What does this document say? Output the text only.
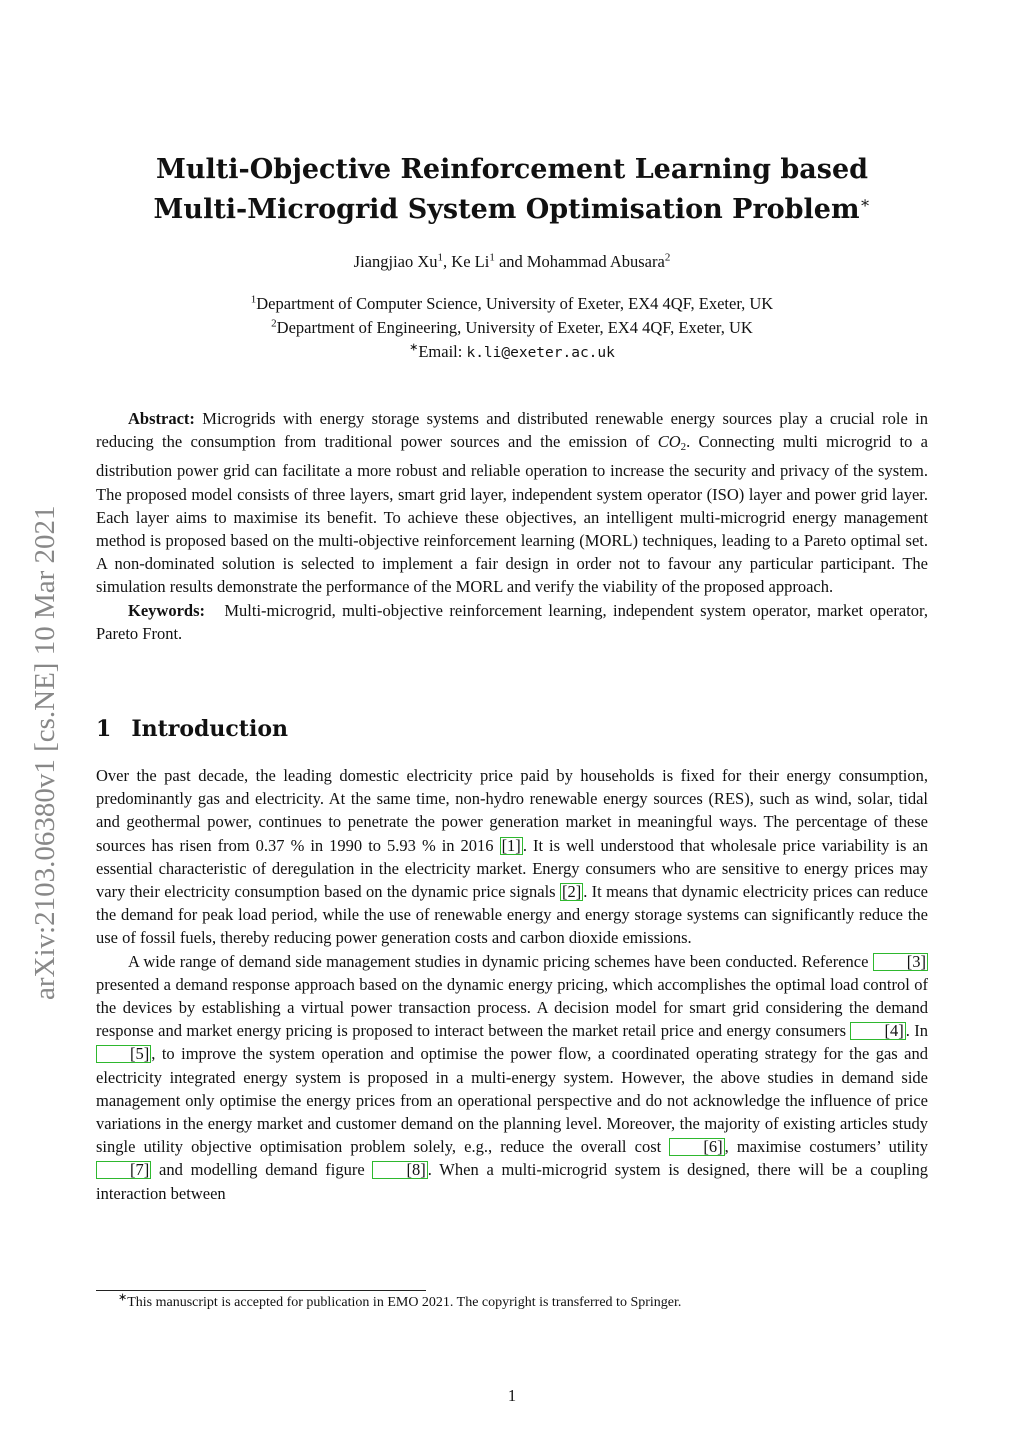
arXiv:2103.06380v1 [cs.NE] 10 Mar 2021
Multi-Objective Reinforcement Learning based
Multi-Microgrid System Optimisation Problem∗
Jiangjiao Xu$^1$, Ke Li$^1$ and Mohammad Abusara$^2$
$^1$Department of Computer Science, University of Exeter, EX4 4QF, Exeter, UK
$^2$Department of Engineering, University of Exeter, EX4 4QF, Exeter, UK
∗Email: k.li@exeter.ac.uk

Abstract: Microgrids with energy storage systems and distributed renewable energy sources play a crucial role in reducing the consumption from traditional power sources and the emission of $CO_2$. Connecting multi microgrid to a distribution power grid can facilitate a more robust and reliable operation to increase the security and privacy of the system. The proposed model consists of three layers, smart grid layer, independent system operator (ISO) layer and power grid layer. Each layer aims to maximise its benefit. To achieve these objectives, an intelligent multi-microgrid energy management method is proposed based on the multi-objective reinforcement learning (MORL) techniques, leading to a Pareto optimal set. A non-dominated solution is selected to implement a fair design in order not to favour any particular participant. The simulation results demonstrate the performance of the MORL and verify the viability of the proposed approach.

Keywords: Multi-microgrid, multi-objective reinforcement learning, independent system operator, market operator, Pareto Front.

1 Introduction

Over the past decade, the leading domestic electricity price paid by households is fixed for their energy consumption, predominantly gas and electricity. At the same time, non-hydro renewable energy sources (RES), such as wind, solar, tidal and geothermal power, continues to penetrate the power generation market in meaningful ways. The percentage of these sources has risen from 0.37 % in 1990 to 5.93 % in 2016 [1] . It is well understood that wholesale price variability is an essential characteristic of deregulation in the electricity market. Energy consumers who are sensitive to energy prices may vary their electricity consumption based on the dynamic price signals [2] . It means that dynamic electricity prices can reduce the demand for peak load period, while the use of renewable energy and energy storage systems can significantly reduce the use of fossil fuels, thereby reducing power generation costs and carbon dioxide emissions.

A wide range of demand side management studies in dynamic pricing schemes have been conducted. Reference [3] presented a demand response approach based on the dynamic energy pricing, which accomplishes the optimal load control of the devices by establishing a virtual power transaction process. A decision model for smart grid considering the demand response and market energy pricing is proposed to interact between the market retail price and energy consumers [4] . In [5] , to improve the system operation and optimise the power flow, a coordinated operating strategy for the gas and electricity integrated energy system is proposed in a multi-energy system. However, the above studies in demand side management only optimise the energy prices from an operational perspective and do not acknowledge the influence of price variations in the energy market and customer demand on the planning level. Moreover, the majority of existing articles study single utility objective optimisation problem solely, e.g., reduce the overall cost [6] , maximise costumers’ utility [7] and modelling demand figure [8] . When a multi-microgrid system is designed, there will be a coupling interaction between

∗This manuscript is accepted for publication in EMO 2021. The copyright is transferred to Springer.
1
